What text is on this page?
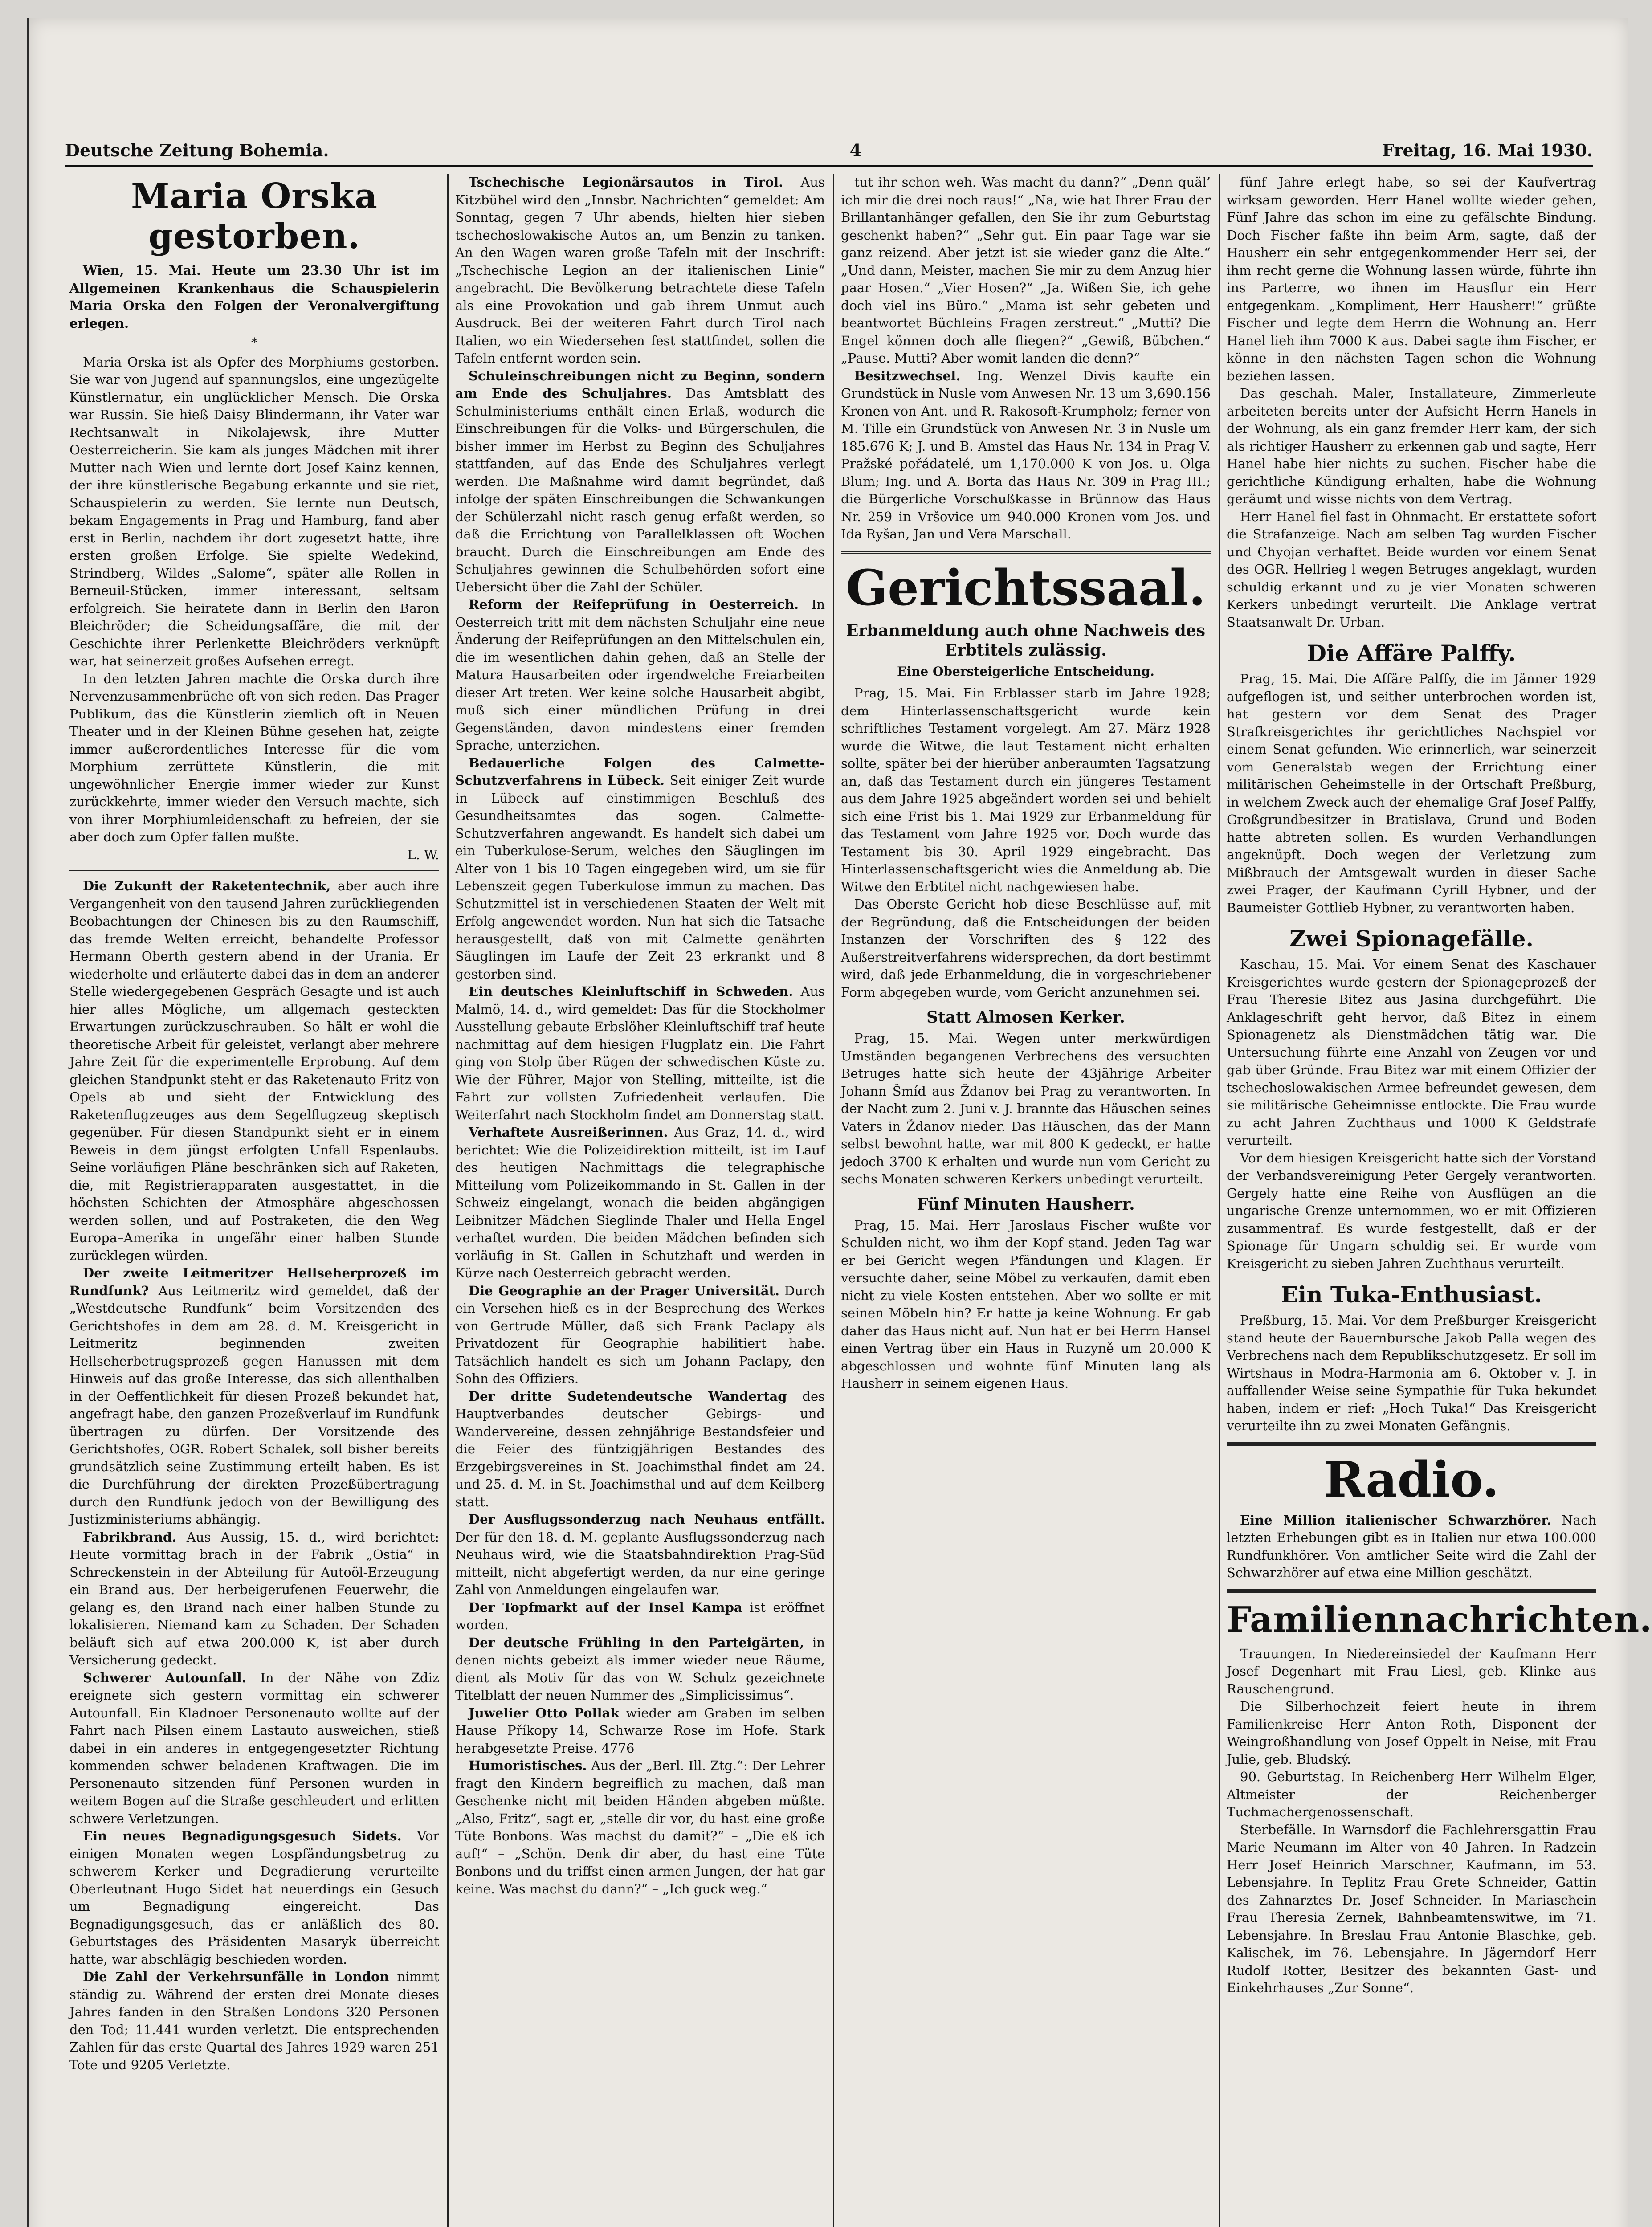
Deutsche Zeitung Bohemia.	4	Freitag, 16. Mai 1930.
Maria Orska gestorben.

Wien, 15. Mai. Heute um 23.30 Uhr ist im Allgemeinen Krankenhaus die Schauspielerin Maria Orska den Folgen der Veronalvergiftung erlegen.

*

Maria Orska ist als Opfer des Morphiums gestorben. Sie war von Jugend auf spannungslos, eine ungezügelte Künstlernatur, ein unglücklicher Mensch. Die Orska war Russin. Sie hieß Daisy Blindermann, ihr Vater war Rechtsanwalt in Nikolajewsk, ihre Mutter Oesterreicherin. Sie kam als junges Mädchen mit ihrer Mutter nach Wien und lernte dort Josef Kainz kennen, der ihre künstlerische Begabung erkannte und sie riet, Schauspielerin zu werden. Sie lernte nun Deutsch, bekam Engagements in Prag und Hamburg, fand aber erst in Berlin, nachdem ihr dort zugesetzt hatte, ihre ersten großen Erfolge. Sie spielte Wedekind, Strindberg, Wildes „Salome“, später alle Rollen in Berneuil-Stücken, immer interessant, seltsam erfolgreich. Sie heiratete dann in Berlin den Baron Bleichröder; die Scheidungsaffäre, die mit der Geschichte ihrer Perlenkette Bleichröders verknüpft war, hat seinerzeit großes Aufsehen erregt.

In den letzten Jahren machte die Orska durch ihre Nervenzusammenbrüche oft von sich reden. Das Prager Publikum, das die Künstlerin ziemlich oft in Neuen Theater und in der Kleinen Bühne gesehen hat, zeigte immer außerordentliches Interesse für die vom Morphium zerrüttete Künstlerin, die mit ungewöhnlicher Energie immer wieder zur Kunst zurückkehrte, immer wieder den Versuch machte, sich von ihrer Morphiumleidenschaft zu befreien, der sie aber doch zum Opfer fallen mußte.

L. W.

Die Zukunft der Raketentechnik, aber auch ihre Vergangenheit von den tausend Jahren zurückliegenden Beobachtungen der Chinesen bis zu den Raumschiff, das fremde Welten erreicht, behandelte Professor Hermann Oberth gestern abend in der Urania. Er wiederholte und erläuterte dabei das in dem an anderer Stelle wiedergegebenen Gespräch Gesagte und ist auch hier alles Mögliche, um allgemach gesteckten Erwartungen zurückzuschrauben. So hält er wohl die theoretische Arbeit für geleistet, verlangt aber mehrere Jahre Zeit für die experimentelle Erprobung. Auf dem gleichen Standpunkt steht er das Raketenauto Fritz von Opels ab und sieht der Entwicklung des Raketenflugzeuges aus dem Segelflugzeug skeptisch gegenüber. Für diesen Standpunkt sieht er in einem Beweis in dem jüngst erfolgten Unfall Espenlaubs. Seine vorläufigen Pläne beschränken sich auf Raketen, die, mit Registrierapparaten ausgestattet, in die höchsten Schichten der Atmosphäre abgeschossen werden sollen, und auf Postraketen, die den Weg Europa–Amerika in ungefähr einer halben Stunde zurücklegen würden.

Der zweite Leitmeritzer Hellseherprozeß im Rundfunk? Aus Leitmeritz wird gemeldet, daß der „Westdeutsche Rundfunk“ beim Vorsitzenden des Gerichtshofes in dem am 28. d. M. Kreisgericht in Leitmeritz beginnenden zweiten Hellseherbetrugsprozeß gegen Hanussen mit dem Hinweis auf das große Interesse, das sich allenthalben in der Oeffentlichkeit für diesen Prozeß bekundet hat, angefragt habe, den ganzen Prozeßverlauf im Rundfunk übertragen zu dürfen. Der Vorsitzende des Gerichtshofes, OGR. Robert Schalek, soll bisher bereits grundsätzlich seine Zustimmung erteilt haben. Es ist die Durchführung der direkten Prozeßübertragung durch den Rundfunk jedoch von der Bewilligung des Justizministeriums abhängig.

Fabrikbrand. Aus Aussig, 15. d., wird berichtet: Heute vormittag brach in der Fabrik „Ostia“ in Schreckenstein in der Abteilung für Autoöl-Erzeugung ein Brand aus. Der herbeigerufenen Feuerwehr, die gelang es, den Brand nach einer halben Stunde zu lokalisieren. Niemand kam zu Schaden. Der Schaden beläuft sich auf etwa 200.000 K, ist aber durch Versicherung gedeckt.

Schwerer Autounfall. In der Nähe von Zdiz ereignete sich gestern vormittag ein schwerer Autounfall. Ein Kladnoer Personenauto wollte auf der Fahrt nach Pilsen einem Lastauto ausweichen, stieß dabei in ein anderes in entgegengesetzter Richtung kommenden schwer beladenen Kraftwagen. Die im Personenauto sitzenden fünf Personen wurden in weitem Bogen auf die Straße geschleudert und erlitten schwere Verletzungen.

Ein neues Begnadigungsgesuch Sidets. Vor einigen Monaten wegen Lospfändungsbetrug zu schwerem Kerker und Degradierung verurteilte Oberleutnant Hugo Sidet hat neuerdings ein Gesuch um Begnadigung eingereicht. Das Begnadigungsgesuch, das er anläßlich des 80. Geburtstages des Präsidenten Masaryk überreicht hatte, war abschlägig beschieden worden.

Die Zahl der Verkehrsunfälle in London nimmt ständig zu. Während der ersten drei Monate dieses Jahres fanden in den Straßen Londons 320 Personen den Tod; 11.441 wurden verletzt. Die entsprechenden Zahlen für das erste Quartal des Jahres 1929 waren 251 Tote und 9205 Verletzte.

Tschechische Legionärsautos in Tirol. Aus Kitzbühel wird den „Innsbr. Nachrichten“ gemeldet: Am Sonntag, gegen 7 Uhr abends, hielten hier sieben tschechoslowakische Autos an, um Benzin zu tanken. An den Wagen waren große Tafeln mit der Inschrift: „Tschechische Legion an der italienischen Linie“ angebracht. Die Bevölkerung betrachtete diese Tafeln als eine Provokation und gab ihrem Unmut auch Ausdruck. Bei der weiteren Fahrt durch Tirol nach Italien, wo ein Wiedersehen fest stattfindet, sollen die Tafeln entfernt worden sein.

Schuleinschreibungen nicht zu Beginn, sondern am Ende des Schuljahres. Das Amtsblatt des Schulministeriums enthält einen Erlaß, wodurch die Einschreibungen für die Volks- und Bürgerschulen, die bisher immer im Herbst zu Beginn des Schuljahres stattfanden, auf das Ende des Schuljahres verlegt werden. Die Maßnahme wird damit begründet, daß infolge der späten Einschreibungen die Schwankungen der Schülerzahl nicht rasch genug erfaßt werden, so daß die Errichtung von Parallelklassen oft Wochen braucht. Durch die Einschreibungen am Ende des Schuljahres gewinnen die Schulbehörden sofort eine Uebersicht über die Zahl der Schüler.

Reform der Reifeprüfung in Oesterreich. In Oesterreich tritt mit dem nächsten Schuljahr eine neue Änderung der Reifeprüfungen an den Mittelschulen ein, die im wesentlichen dahin gehen, daß an Stelle der Matura Hausarbeiten oder irgendwelche Freiarbeiten dieser Art treten. Wer keine solche Hausarbeit abgibt, muß sich einer mündlichen Prüfung in drei Gegenständen, davon mindestens einer fremden Sprache, unterziehen.

Bedauerliche Folgen des Calmette-Schutzverfahrens in Lübeck. Seit einiger Zeit wurde in Lübeck auf einstimmigen Beschluß des Gesundheitsamtes das sogen. Calmette-Schutzverfahren angewandt. Es handelt sich dabei um ein Tuberkulose-Serum, welches den Säuglingen im Alter von 1 bis 10 Tagen eingegeben wird, um sie für Lebenszeit gegen Tuberkulose immun zu machen. Das Schutzmittel ist in verschiedenen Staaten der Welt mit Erfolg angewendet worden. Nun hat sich die Tatsache herausgestellt, daß von mit Calmette genährten Säuglingen im Laufe der Zeit 23 erkrankt und 8 gestorben sind.

Ein deutsches Kleinluftschiff in Schweden. Aus Malmö, 14. d., wird gemeldet: Das für die Stockholmer Ausstellung gebaute Erbslöher Kleinluftschiff traf heute nachmittag auf dem hiesigen Flugplatz ein. Die Fahrt ging von Stolp über Rügen der schwedischen Küste zu. Wie der Führer, Major von Stelling, mitteilte, ist die Fahrt zur vollsten Zufriedenheit verlaufen. Die Weiterfahrt nach Stockholm findet am Donnerstag statt.

Verhaftete Ausreißerinnen. Aus Graz, 14. d., wird berichtet: Wie die Polizeidirektion mitteilt, ist im Lauf des heutigen Nachmittags die telegraphische Mitteilung vom Polizeikommando in St. Gallen in der Schweiz eingelangt, wonach die beiden abgängigen Leibnitzer Mädchen Sieglinde Thaler und Hella Engel verhaftet wurden. Die beiden Mädchen befinden sich vorläufig in St. Gallen in Schutzhaft und werden in Kürze nach Oesterreich gebracht werden.

Die Geographie an der Prager Universität. Durch ein Versehen hieß es in der Besprechung des Werkes von Gertrude Müller, daß sich Frank Paclapy als Privatdozent für Geographie habilitiert habe. Tatsächlich handelt es sich um Johann Paclapy, den Sohn des Offiziers.

Der dritte Sudetendeutsche Wandertag des Hauptverbandes deutscher Gebirgs- und Wandervereine, dessen zehnjährige Bestandsfeier und die Feier des fünfzigjährigen Bestandes des Erzgebirgsvereines in St. Joachimsthal findet am 24. und 25. d. M. in St. Joachimsthal und auf dem Keilberg statt.

Der Ausflugssonderzug nach Neuhaus entfällt. Der für den 18. d. M. geplante Ausflugssonderzug nach Neuhaus wird, wie die Staatsbahndirektion Prag-Süd mitteilt, nicht abgefertigt werden, da nur eine geringe Zahl von Anmeldungen eingelaufen war.

Der Topfmarkt auf der Insel Kampa ist eröffnet worden.

Der deutsche Frühling in den Parteigärten, in denen nichts gebeizt als immer wieder neue Räume, dient als Motiv für das von W. Schulz gezeichnete Titelblatt der neuen Nummer des „Simplicissimus“.

Juwelier Otto Pollak wieder am Graben im selben Hause Příkopy 14, Schwarze Rose im Hofe. Stark herabgesetzte Preise. 4776

Humoristisches. Aus der „Berl. Ill. Ztg.“: Der Lehrer fragt den Kindern begreiflich zu machen, daß man Geschenke nicht mit beiden Händen abgeben müßte. „Also, Fritz“, sagt er, „stelle dir vor, du hast eine große Tüte Bonbons. Was machst du damit?“ – „Die eß ich auf!“ – „Schön. Denk dir aber, du hast eine Tüte Bonbons und du triffst einen armen Jungen, der hat gar keine. Was machst du dann?“ – „Ich guck weg.“

tut ihr schon weh. Was macht du dann?“ „Denn quäl’ ich mir die drei noch raus!“ „Na, wie hat Ihrer Frau der Brillantanhänger gefallen, den Sie ihr zum Geburtstag geschenkt haben?“ „Sehr gut. Ein paar Tage war sie ganz reizend. Aber jetzt ist sie wieder ganz die Alte.“ „Und dann, Meister, machen Sie mir zu dem Anzug hier paar Hosen.“ „Vier Hosen?“ „Ja. Wißen Sie, ich gehe doch viel ins Büro.“ „Mama ist sehr gebeten und beantwortet Büchleins Fragen zerstreut.“ „Mutti? Die Engel können doch alle fliegen?“ „Gewiß, Bübchen.“ „Pause. Mutti? Aber womit landen die denn?“

Besitzwechsel. Ing. Wenzel Divis kaufte ein Grundstück in Nusle vom Anwesen Nr. 13 um 3,690.156 Kronen von Ant. und R. Rakosoft-Krumpholz; ferner von M. Tille ein Grundstück von Anwesen Nr. 3 in Nusle um 185.676 K; J. und B. Amstel das Haus Nr. 134 in Prag V. Pražské pořádatelé, um 1,170.000 K von Jos. u. Olga Blum; Ing. und A. Borta das Haus Nr. 309 in Prag III.; die Bürgerliche Vorschußkasse in Brünnow das Haus Nr. 259 in Vršovice um 940.000 Kronen vom Jos. und Ida Ryšan, Jan und Vera Marschall.

Gerichtssaal.
Erbanmeldung auch ohne Nachweis des Erbtitels zulässig.
Eine Obersteigerliche Entscheidung.

Prag, 15. Mai. Ein Erblasser starb im Jahre 1928; dem Hinterlassenschaftsgericht wurde kein schriftliches Testament vorgelegt. Am 27. März 1928 wurde die Witwe, die laut Testament nicht erhalten sollte, später bei der hierüber anberaumten Tagsatzung an, daß das Testament durch ein jüngeres Testament aus dem Jahre 1925 abgeändert worden sei und behielt sich eine Frist bis 1. Mai 1929 zur Erbanmeldung für das Testament vom Jahre 1925 vor. Doch wurde das Testament bis 30. April 1929 eingebracht. Das Hinterlassenschaftsgericht wies die Anmeldung ab. Die Witwe den Erbtitel nicht nachgewiesen habe.

Das Oberste Gericht hob diese Beschlüsse auf, mit der Begründung, daß die Entscheidungen der beiden Instanzen der Vorschriften des § 122 des Außerstreitverfahrens widersprechen, da dort bestimmt wird, daß jede Erbanmeldung, die in vorgeschriebener Form abgegeben wurde, vom Gericht anzunehmen sei.

Statt Almosen Kerker.

Prag, 15. Mai. Wegen unter merkwürdigen Umständen begangenen Verbrechens des versuchten Betruges hatte sich heute der 43jährige Arbeiter Johann Šmíd aus Ždanov bei Prag zu verantworten. In der Nacht zum 2. Juni v. J. brannte das Häuschen seines Vaters in Ždanov nieder. Das Häuschen, das der Mann selbst bewohnt hatte, war mit 800 K gedeckt, er hatte jedoch 3700 K erhalten und wurde nun vom Gericht zu sechs Monaten schweren Kerkers unbedingt verurteilt.

Fünf Minuten Hausherr.

Prag, 15. Mai. Herr Jaroslaus Fischer wußte vor Schulden nicht, wo ihm der Kopf stand. Jeden Tag war er bei Gericht wegen Pfändungen und Klagen. Er versuchte daher, seine Möbel zu verkaufen, damit eben nicht zu viele Kosten entstehen. Aber wo sollte er mit seinen Möbeln hin? Er hatte ja keine Wohnung. Er gab daher das Haus nicht auf. Nun hat er bei Herrn Hansel einen Vertrag über ein Haus in Ruzyně um 20.000 K abgeschlossen und wohnte fünf Minuten lang als Hausherr in seinem eigenen Haus.

fünf Jahre erlegt habe, so sei der Kaufvertrag wirksam geworden. Herr Hanel wollte wieder gehen, Fünf Jahre das schon im eine zu gefälschte Bindung. Doch Fischer faßte ihn beim Arm, sagte, daß der Hausherr ein sehr entgegenkommender Herr sei, der ihm recht gerne die Wohnung lassen würde, führte ihn ins Parterre, wo ihnen im Hausflur ein Herr entgegenkam. „Kompliment, Herr Hausherr!“ grüßte Fischer und legte dem Herrn die Wohnung an. Herr Hanel lieh ihm 7000 K aus. Dabei sagte ihm Fischer, er könne in den nächsten Tagen schon die Wohnung beziehen lassen.

Das geschah. Maler, Installateure, Zimmerleute arbeiteten bereits unter der Aufsicht Herrn Hanels in der Wohnung, als ein ganz fremder Herr kam, der sich als richtiger Hausherr zu erkennen gab und sagte, Herr Hanel habe hier nichts zu suchen. Fischer habe die gerichtliche Kündigung erhalten, habe die Wohnung geräumt und wisse nichts von dem Vertrag.

Herr Hanel fiel fast in Ohnmacht. Er erstattete sofort die Strafanzeige. Nach am selben Tag wurden Fischer und Chyojan verhaftet. Beide wurden vor einem Senat des OGR. Hellrieg l wegen Betruges angeklagt, wurden schuldig erkannt und zu je vier Monaten schweren Kerkers unbedingt verurteilt. Die Anklage vertrat Staatsanwalt Dr. Urban.

Die Affäre Palffy.

Prag, 15. Mai. Die Affäre Palffy, die im Jänner 1929 aufgeflogen ist, und seither unterbrochen worden ist, hat gestern vor dem Senat des Prager Strafkreisgerichtes ihr gerichtliches Nachspiel vor einem Senat gefunden. Wie erinnerlich, war seinerzeit vom Generalstab wegen der Errichtung einer militärischen Geheimstelle in der Ortschaft Preßburg, in welchem Zweck auch der ehemalige Graf Josef Palffy, Großgrundbesitzer in Bratislava, Grund und Boden hatte abtreten sollen. Es wurden Verhandlungen angeknüpft. Doch wegen der Verletzung zum Mißbrauch der Amtsgewalt wurden in dieser Sache zwei Prager, der Kaufmann Cyrill Hybner, und der Baumeister Gottlieb Hybner, zu verantworten haben.

Zwei Spionagefälle.

Kaschau, 15. Mai. Vor einem Senat des Kaschauer Kreisgerichtes wurde gestern der Spionageprozeß der Frau Theresie Bitez aus Jasina durchgeführt. Die Anklageschrift geht hervor, daß Bitez in einem Spionagenetz als Dienstmädchen tätig war. Die Untersuchung führte eine Anzahl von Zeugen vor und gab über Gründe. Frau Bitez war mit einem Offizier der tschechoslowakischen Armee befreundet gewesen, dem sie militärische Geheimnisse entlockte. Die Frau wurde zu acht Jahren Zuchthaus und 1000 K Geldstrafe verurteilt.

Vor dem hiesigen Kreisgericht hatte sich der Vorstand der Verbandsvereinigung Peter Gergely verantworten. Gergely hatte eine Reihe von Ausflügen an die ungarische Grenze unternommen, wo er mit Offizieren zusammentraf. Es wurde festgestellt, daß er der Spionage für Ungarn schuldig sei. Er wurde vom Kreisgericht zu sieben Jahren Zuchthaus verurteilt.

Ein Tuka-Enthusiast.

Preßburg, 15. Mai. Vor dem Preßburger Kreisgericht stand heute der Bauernbursche Jakob Palla wegen des Verbrechens nach dem Republikschutzgesetz. Er soll im Wirtshaus in Modra-Harmonia am 6. Oktober v. J. in auffallender Weise seine Sympathie für Tuka bekundet haben, indem er rief: „Hoch Tuka!“ Das Kreisgericht verurteilte ihn zu zwei Monaten Gefängnis.

Radio.

Eine Million italienischer Schwarzhörer. Nach letzten Erhebungen gibt es in Italien nur etwa 100.000 Rundfunkhörer. Von amtlicher Seite wird die Zahl der Schwarzhörer auf etwa eine Million geschätzt.

Familiennachrichten.

Trauungen. In Niedereinsiedel der Kaufmann Herr Josef Degenhart mit Frau Liesl, geb. Klinke aus Rauschengrund.

Die Silberhochzeit feiert heute in ihrem Familienkreise Herr Anton Roth, Disponent der Weingroßhandlung von Josef Oppelt in Neise, mit Frau Julie, geb. Bludský.

90. Geburtstag. In Reichenberg Herr Wilhelm Elger, Altmeister der Reichenberger Tuchmachergenossenschaft.

Sterbefälle. In Warnsdorf die Fachlehrersgattin Frau Marie Neumann im Alter von 40 Jahren. In Radzein Herr Josef Heinrich Marschner, Kaufmann, im 53. Lebensjahre. In Teplitz Frau Grete Schneider, Gattin des Zahnarztes Dr. Josef Schneider. In Mariaschein Frau Theresia Zernek, Bahnbeamtenswitwe, im 71. Lebensjahre. In Breslau Frau Antonie Blaschke, geb. Kalischek, im 76. Lebensjahre. In Jägerndorf Herr Rudolf Rotter, Besitzer des bekannten Gast- und Einkehrhauses „Zur Sonne“.
